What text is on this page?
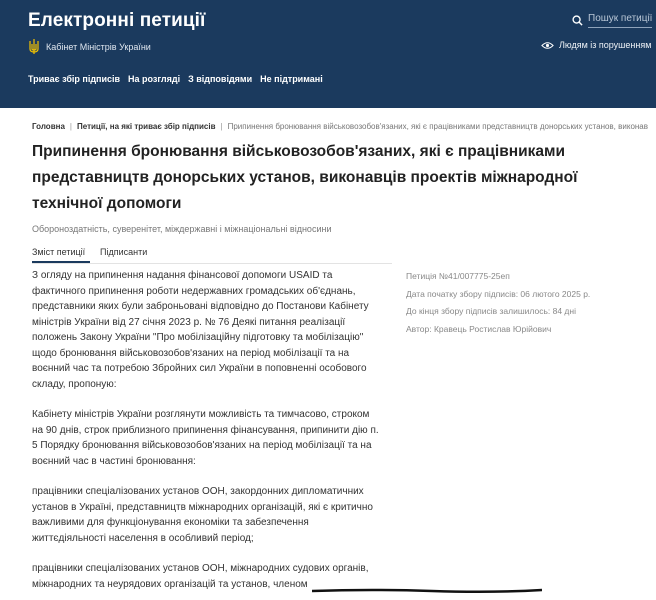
Електронні петиції
Кабінет Міністрів України
Пошук петиції	Людям із порушенням
Триває збір підписів На розгляді З відповідями Не підтримані
Головна | Петиції, на які триває збір підписів | Припинення бронювання військовозобов'язаних, які є працівниками представництв донорських установ, виконав
Припинення бронювання військовозобов'язаних, які є працівниками представництв донорських установ, виконавців проектів міжнародної технічної допомоги
Обороноздатність, суверенітет, міждержавні і міжнаціональні відносини
Зміст петиції Підписанти

З огляду на припинення надання фінансової допомоги USAID та фактичного припинення роботи недержавних громадських об'єднань, представники яких були заброньовані відповідно до Постанови Кабінету міністрів України від 27 січня 2023 р. № 76 Деякі питання реалізації положень Закону України "Про мобілізаційну підготовку та мобілізацію" щодо бронювання військовозобов'язаних на період мобілізації та на воєнний час та потребою Збройних сил України в поповненні особового складу, пропоную:

Кабінету міністрів України розглянути можливість та тимчасово, строком на 90 днів, строк приблизного припинення фінансування, припинити дію п. 5 Порядку бронювання військовозобов'язаних на період мобілізації та на воєнний час в частині бронювання:

працівники спеціалізованих установ ООН, закордонних дипломатичних установ в Україні, представництв міжнародних організацій, які є критично важливими для функціонування економіки та забезпечення життєдіяльності населення в особливий період;

працівники спеціалізованих установ ООН, міжнародних судових органів, міжнародних та неурядових організацій та установ, членом

Петиція №41/007775-25еп
Дата початку збору підписів: 06 лютого 2025 р.
До кінця збору підписів залишилось: 84 дні
Автор: Кравець Ростислав Юрійович
